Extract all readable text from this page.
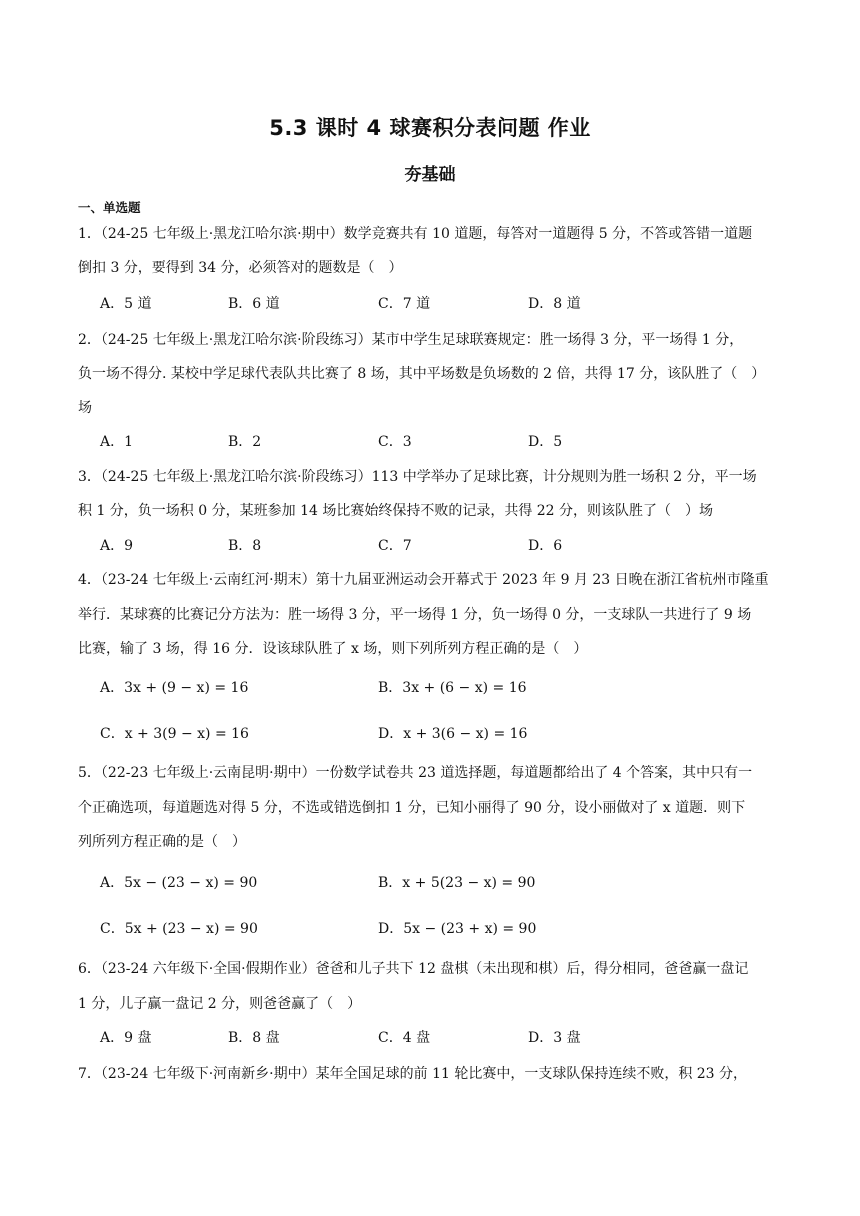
5.3 课时 4 球赛积分表问题 作业
夯基础
一、单选题
1．（24-25 七年级上·黑龙江哈尔滨·期中）数学竞赛共有 10 道题，每答对一道题得 5 分，不答或答错一道题
倒扣 3 分，要得到 34 分，必须答对的题数是（　）
A．5 道	B．6 道	C．7 道	D．8 道
2．（24-25 七年级上·黑龙江哈尔滨·阶段练习）某市中学生足球联赛规定：胜一场得 3 分，平一场得 1 分，
负一场不得分. 某校中学足球代表队共比赛了 8 场，其中平场数是负场数的 2 倍，共得 17 分，该队胜了（　）
场
A．1	B．2	C．3	D．5
3．（24-25 七年级上·黑龙江哈尔滨·阶段练习）113 中学举办了足球比赛，计分规则为胜一场积 2 分，平一场
积 1 分，负一场积 0 分，某班参加 14 场比赛始终保持不败的记录，共得 22 分，则该队胜了（　）场
A．9	B．8	C．7	D．6
4．（23-24 七年级上·云南红河·期末）第十九届亚洲运动会开幕式于 2023 年 9 月 23 日晚在浙江省杭州市隆重
举行．某球赛的比赛记分方法为：胜一场得 3 分，平一场得 1 分，负一场得 0 分，一支球队一共进行了 9 场
比赛，输了 3 场，得 16 分．设该球队胜了 x 场，则下列所列方程正确的是（　）
A．3x + (9 − x) = 16	B．3x + (6 − x) = 16
C．x + 3(9 − x) = 16	D．x + 3(6 − x) = 16
5．（22-23 七年级上·云南昆明·期中）一份数学试卷共 23 道选择题，每道题都给出了 4 个答案，其中只有一
个正确选项，每道题选对得 5 分，不选或错选倒扣 1 分，已知小丽得了 90 分，设小丽做对了 x 道题．则下
列所列方程正确的是（　）
A．5x − (23 − x) = 90	B．x + 5(23 − x) = 90
C．5x + (23 − x) = 90	D．5x − (23 + x) = 90
6．（23-24 六年级下·全国·假期作业）爸爸和儿子共下 12 盘棋（未出现和棋）后，得分相同，爸爸赢一盘记
1 分，儿子赢一盘记 2 分，则爸爸赢了（　）
A．9 盘	B．8 盘	C．4 盘	D．3 盘
7．（23-24 七年级下·河南新乡·期中）某年全国足球的前 11 轮比赛中，一支球队保持连续不败，积 23 分，
